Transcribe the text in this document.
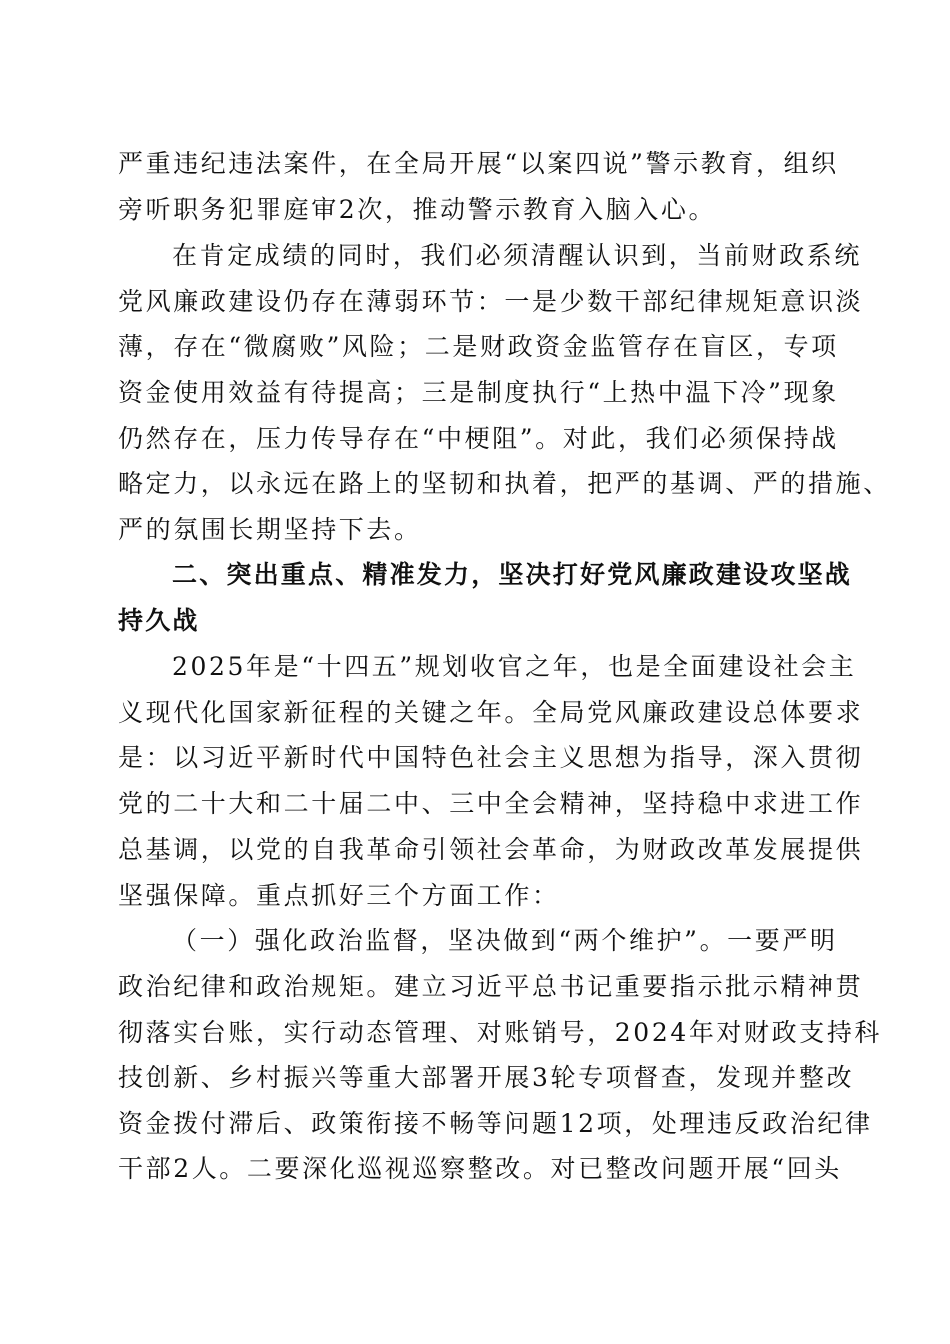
严重违纪违法案件，在全局开展“以案四说”警示教育，组织
旁听职务犯罪庭审2次，推动警示教育入脑入心。
在肯定成绩的同时，我们必须清醒认识到，当前财政系统
党风廉政建设仍存在薄弱环节：一是少数干部纪律规矩意识淡
薄，存在“微腐败”风险；二是财政资金监管存在盲区，专项
资金使用效益有待提高；三是制度执行“上热中温下冷”现象
仍然存在，压力传导存在“中梗阻”。对此，我们必须保持战
略定力，以永远在路上的坚韧和执着，把严的基调、严的措施、
严的氛围长期坚持下去。
二、突出重点、精准发力，坚决打好党风廉政建设攻坚战
持久战
2025年是“十四五”规划收官之年，也是全面建设社会主
义现代化国家新征程的关键之年。全局党风廉政建设总体要求
是：以习近平新时代中国特色社会主义思想为指导，深入贯彻
党的二十大和二十届二中、三中全会精神，坚持稳中求进工作
总基调，以党的自我革命引领社会革命，为财政改革发展提供
坚强保障。重点抓好三个方面工作：
（一）强化政治监督，坚决做到“两个维护”。一要严明
政治纪律和政治规矩。建立习近平总书记重要指示批示精神贯
彻落实台账，实行动态管理、对账销号，2024年对财政支持科
技创新、乡村振兴等重大部署开展3轮专项督查，发现并整改
资金拨付滞后、政策衔接不畅等问题12项，处理违反政治纪律
干部2人。二要深化巡视巡察整改。对已整改问题开展“回头
